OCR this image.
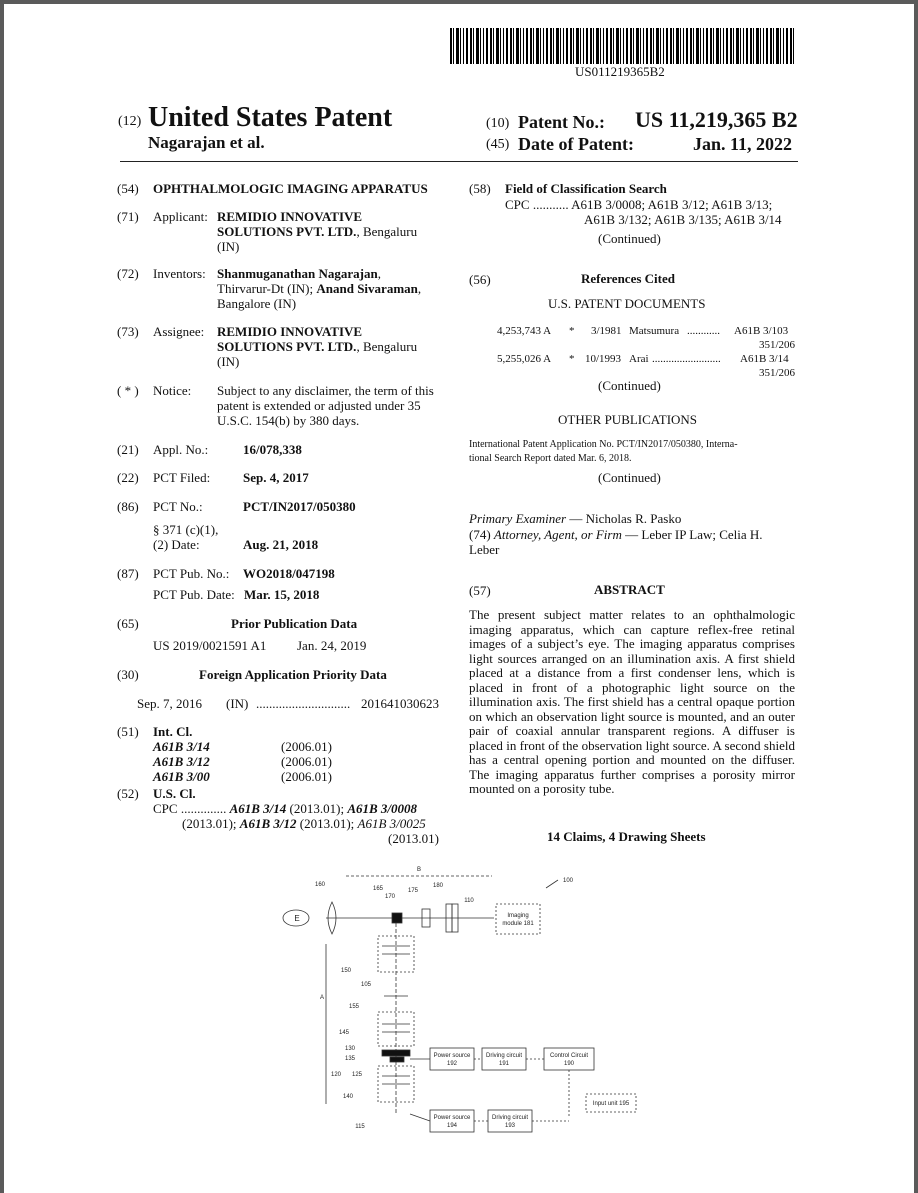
US011219365B2
(12) United States Patent
Nagarajan et al.
(10) Patent No.: US 11,219,365 B2
(45) Date of Patent:	Jan. 11, 2022
(54) OPHTHALMOLOGIC IMAGING APPARATUS
(71) Applicant: REMIDIO INNOVATIVE
SOLUTIONS PVT. LTD., Bengaluru
(IN)
(72) Inventors: Shanmuganathan Nagarajan,
Thirvarur-Dt (IN); Anand Sivaraman,
Bangalore (IN)
(73) Assignee: REMIDIO INNOVATIVE
SOLUTIONS PVT. LTD., Bengaluru
(IN)
( * ) Notice: Subject to any disclaimer, the term of this
patent is extended or adjusted under 35
U.S.C. 154(b) by 380 days.
(21) Appl. No.:	16/078,338
(22) PCT Filed:	Sep. 4, 2017
(86) PCT No.:	PCT/IN2017/050380
§ 371 (c)(1),
(2) Date:	Aug. 21, 2018
(87) PCT Pub. No.: WO2018/047198
PCT Pub. Date: Mar. 15, 2018
(65)	Prior Publication Data
US 2019/0021591 A1 Jan. 24, 2019
(30)	Foreign Application Priority Data
Sep. 7, 2016 (IN) ............................. 201641030623
(51) Int. Cl.
A61B 3/14	(2006.01)
A61B 3/12	(2006.01)
A61B 3/00	(2006.01)
(52) U.S. Cl.
CPC .............. A61B 3/14 (2013.01); A61B 3/0008
(2013.01); A61B 3/12 (2013.01); A61B 3/0025
(2013.01)
(58) Field of Classification Search
CPC ........... A61B 3/0008; A61B 3/12; A61B 3/13;
A61B 3/132; A61B 3/135; A61B 3/14
(Continued)
(56)	References Cited
U.S. PATENT DOCUMENTS
4,253,743 A * 3/1981 Matsumura ............ A61B 3/103
351/206
5,255,026 A * 10/1993 Arai ......................... A61B 3/14
351/206
(Continued)
OTHER PUBLICATIONS
International Patent Application No. PCT/IN2017/050380, Interna-
tional Search Report dated Mar. 6, 2018.
(Continued)
Primary Examiner — Nicholas R. Pasko
(74) Attorney, Agent, or Firm — Leber IP Law; Celia H.
Leber
(57)	ABSTRACT
The present subject matter relates to an ophthalmologic imaging apparatus, which can capture reflex-free retinal images of a subject’s eye. The imaging apparatus comprises light sources arranged on an illumination axis. A first shield placed at a distance from a first condenser lens, which is placed in front of a photographic light source on the illumination axis. The first shield has a central opaque portion on which an observation light source is mounted, and an outer pair of coaxial annular transparent regions. A diffuser is placed in front of the observation light source. A second shield has a central opening portion and mounted on the diffuser. The imaging apparatus further comprises a porosity mirror mounted on a porosity tube.
14 Claims, 4 Drawing Sheets
B
A
E
100
160
165
170
175
180
110
150
105
155
145
130
135
120 125
140
115
Imaging
module 181
Power source
192
Driving circuit
191
Control Circuit
190
Input unit 195
Power source
194
Driving circuit
193
